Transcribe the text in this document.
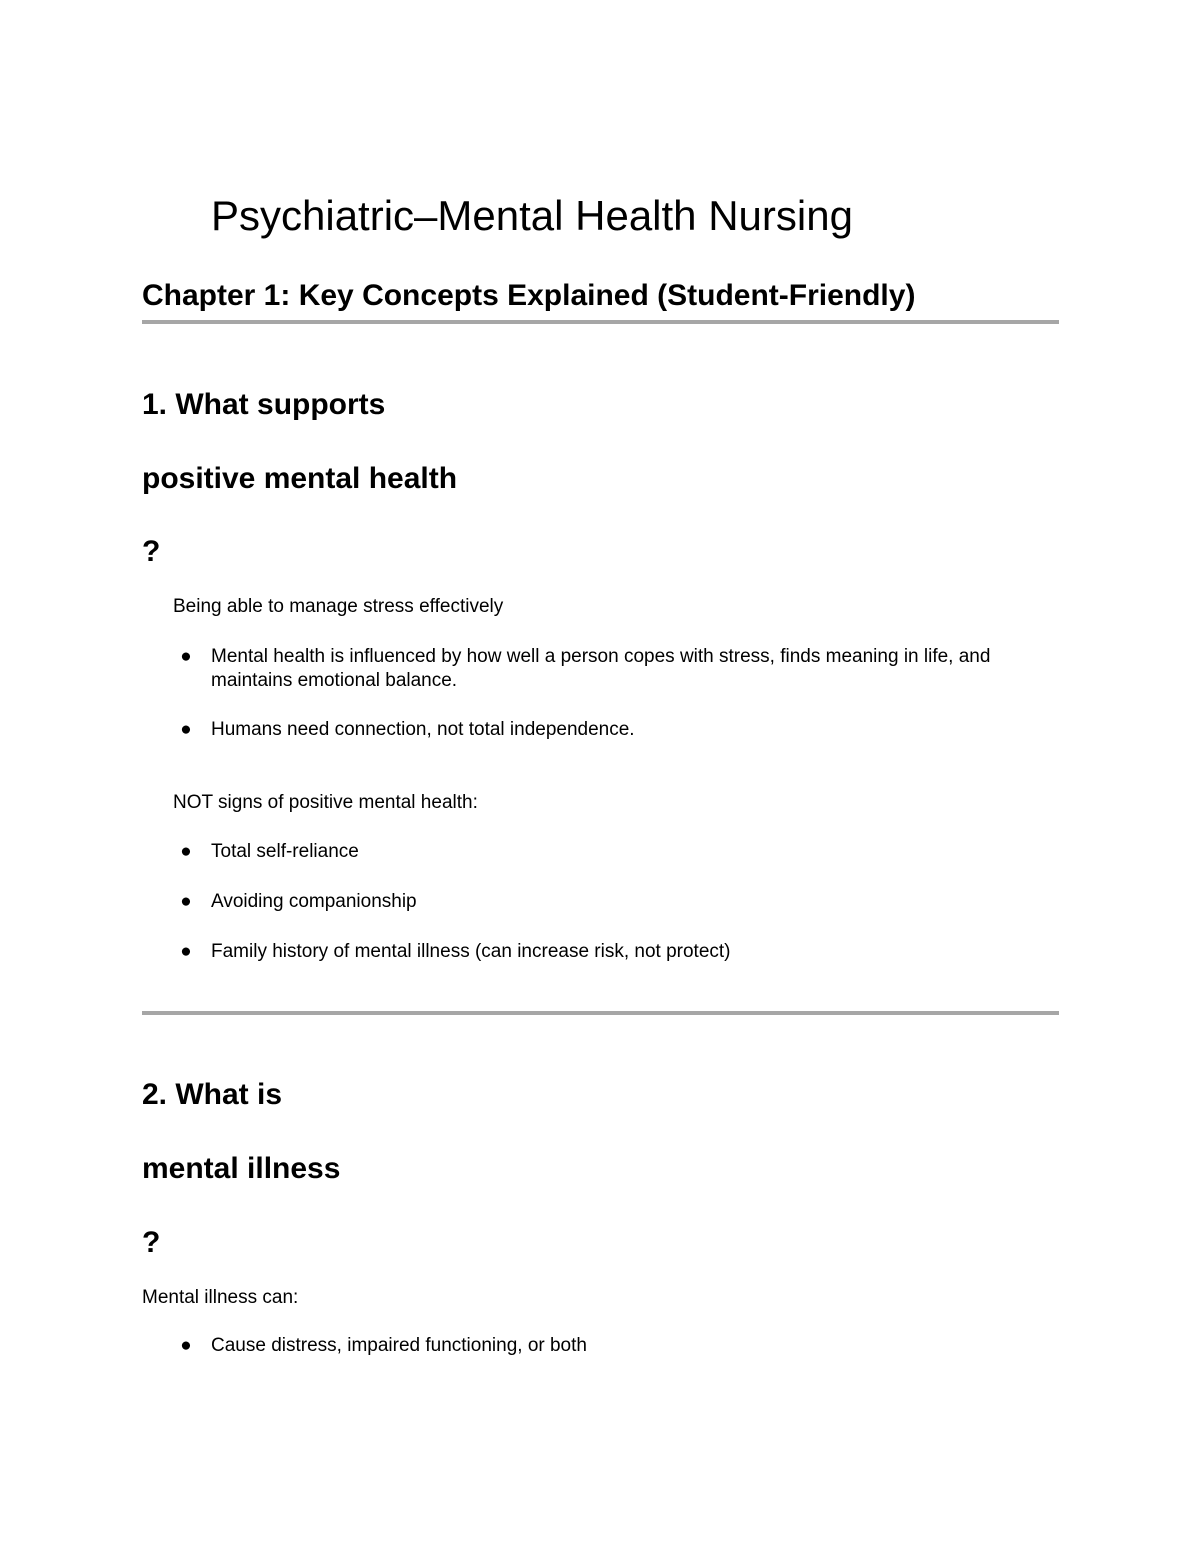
Psychiatric–Mental Health Nursing
Chapter 1: Key Concepts Explained (Student-Friendly)
1. What supports
positive mental health
?

Being able to manage stress effectively

● Mental health is influenced by how well a person copes with stress, finds meaning in life, and maintains emotional balance.
● Humans need connection, not total independence.

NOT signs of positive mental health:

● Total self-reliance
● Avoiding companionship
● Family history of mental illness (can increase risk, not protect)
2. What is
mental illness
?

Mental illness can:

● Cause distress, impaired functioning, or both
